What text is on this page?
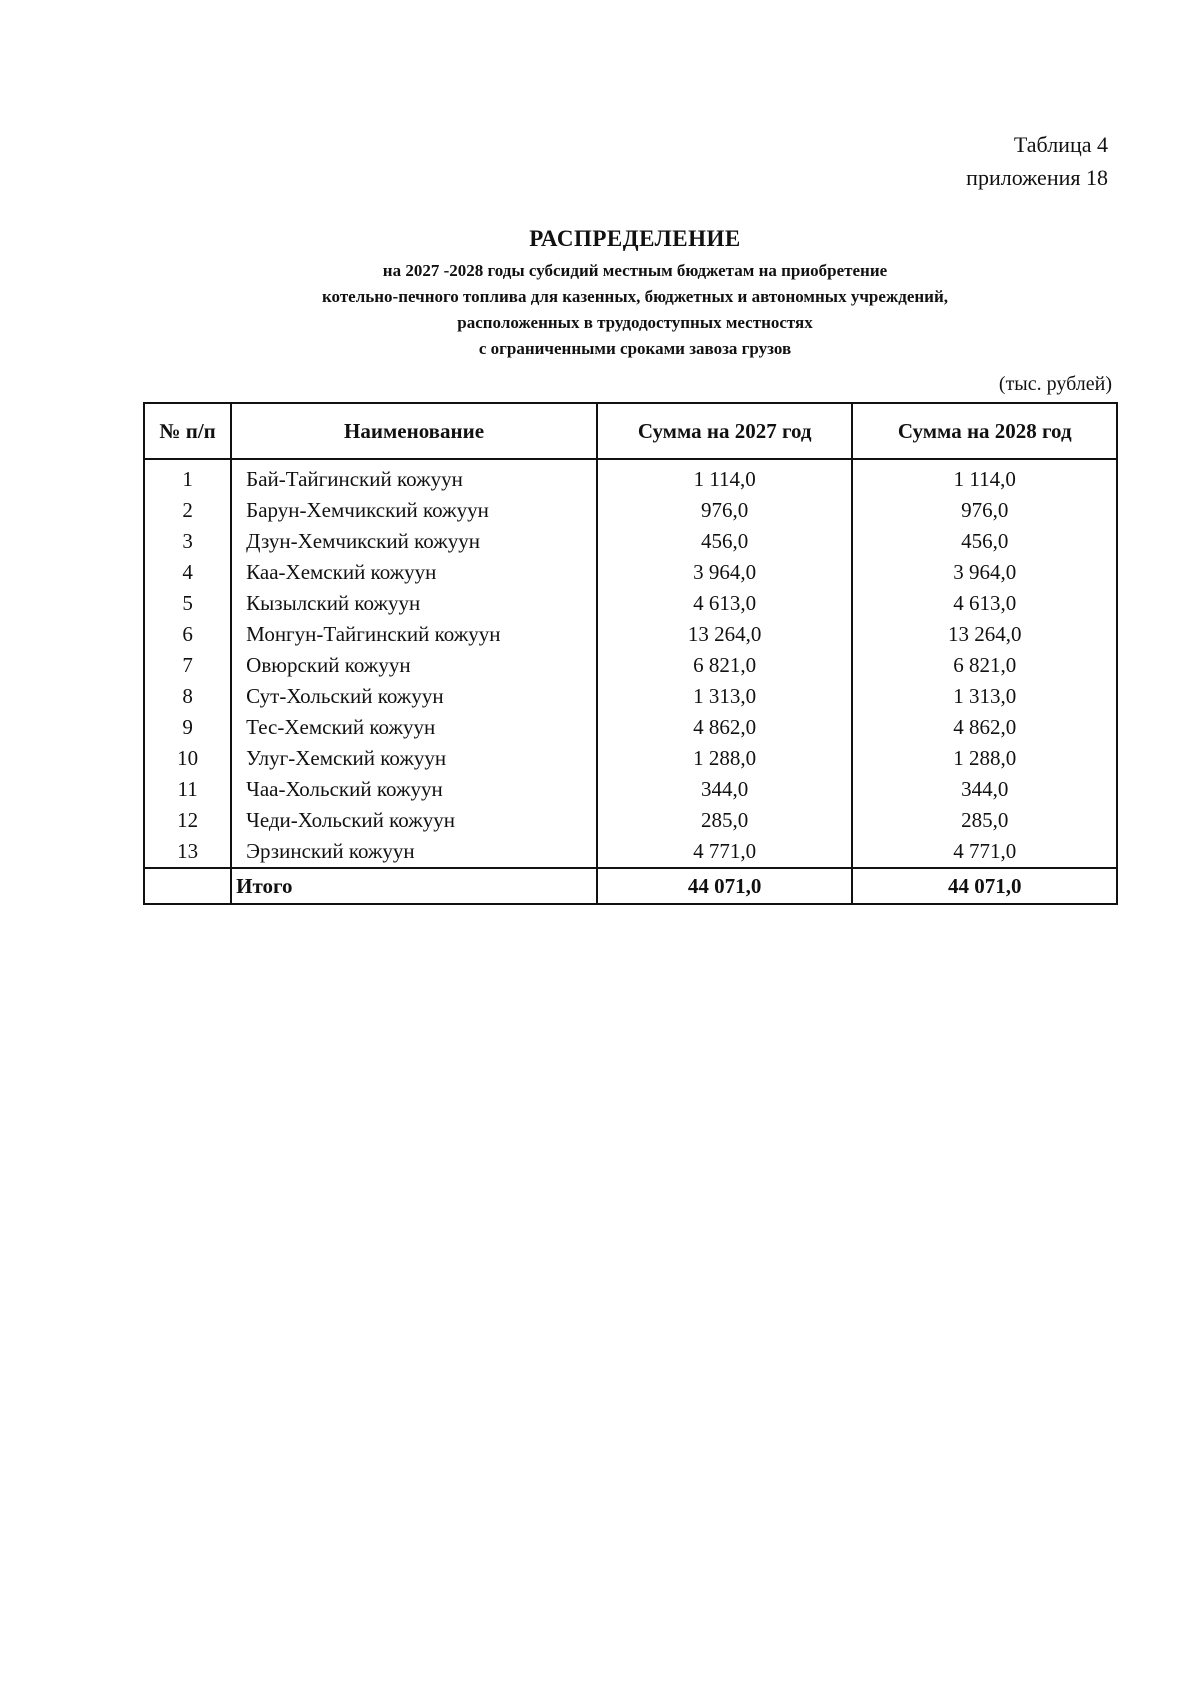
Таблица 4
приложения 18
РАСПРЕДЕЛЕНИЕ
на 2027 -2028 годы субсидий местным бюджетам на приобретение
котельно-печного топлива для казенных, бюджетных и автономных учреждений,
расположенных в трудодоступных местностях
с ограниченными сроками завоза грузов
(тыс. рублей)
№ п/п	Наименование	Сумма на 2027 год	Сумма на 2028 год
1	Бай-Тайгинский кожуун	1 114,0	1 114,0
2	Барун-Хемчикский кожуун	976,0	976,0
3	Дзун-Хемчикский кожуун	456,0	456,0
4	Каа-Хемский кожуун	3 964,0	3 964,0
5	Кызылский кожуун	4 613,0	4 613,0
6	Монгун-Тайгинский кожуун	13 264,0	13 264,0
7	Овюрский кожуун	6 821,0	6 821,0
8	Сут-Хольский кожуун	1 313,0	1 313,0
9	Тес-Хемский кожуун	4 862,0	4 862,0
10	Улуг-Хемский кожуун	1 288,0	1 288,0
11	Чаа-Хольский кожуун	344,0	344,0
12	Чеди-Хольский кожуун	285,0	285,0
13	Эрзинский кожуун	4 771,0	4 771,0
	Итого	44 071,0	44 071,0
